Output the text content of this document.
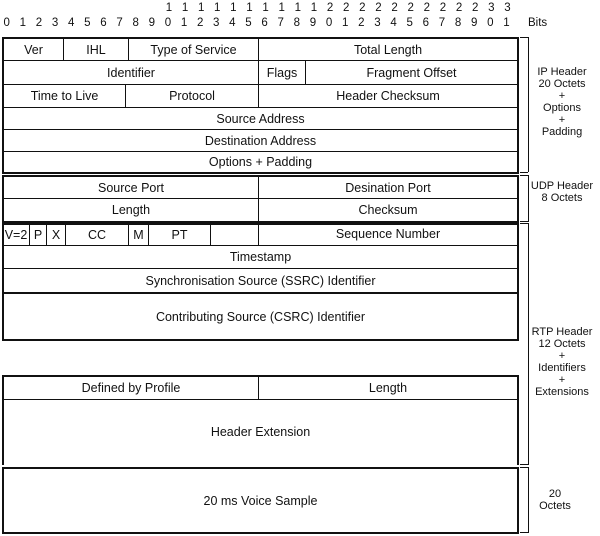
1 1 1 1 1 1 1 1 1 1 2 2 2 2 2 2 2 2 2 2 3 3
0 1 2 3 4 5 6 7 8 9 0 1 2 3 4 5 6 7 8 9 0 1 2 3 4 5 6 7 8 9 0 1 Bits
Ver	IHL	Type of Service	Total Length
Identifier	Flags	Fragment Offset
Time to Live	Protocol	Header Checksum
Source Address
Destination Address
Options + Padding
Source Port	Desination Port
Length	Checksum
V=2 P X	CC	M	PT	Sequence Number
Timestamp
Synchronisation Source (SSRC) Identifier
Contributing Source (CSRC) Identifier
Defined by Profile	Length
Header Extension
20 ms Voice Sample
IP Header
20 Octets
+
Options
+
Padding
UDP Header
8 Octets
RTP Header
12 Octets
+
Identifiers
+
Extensions
20
Octets
